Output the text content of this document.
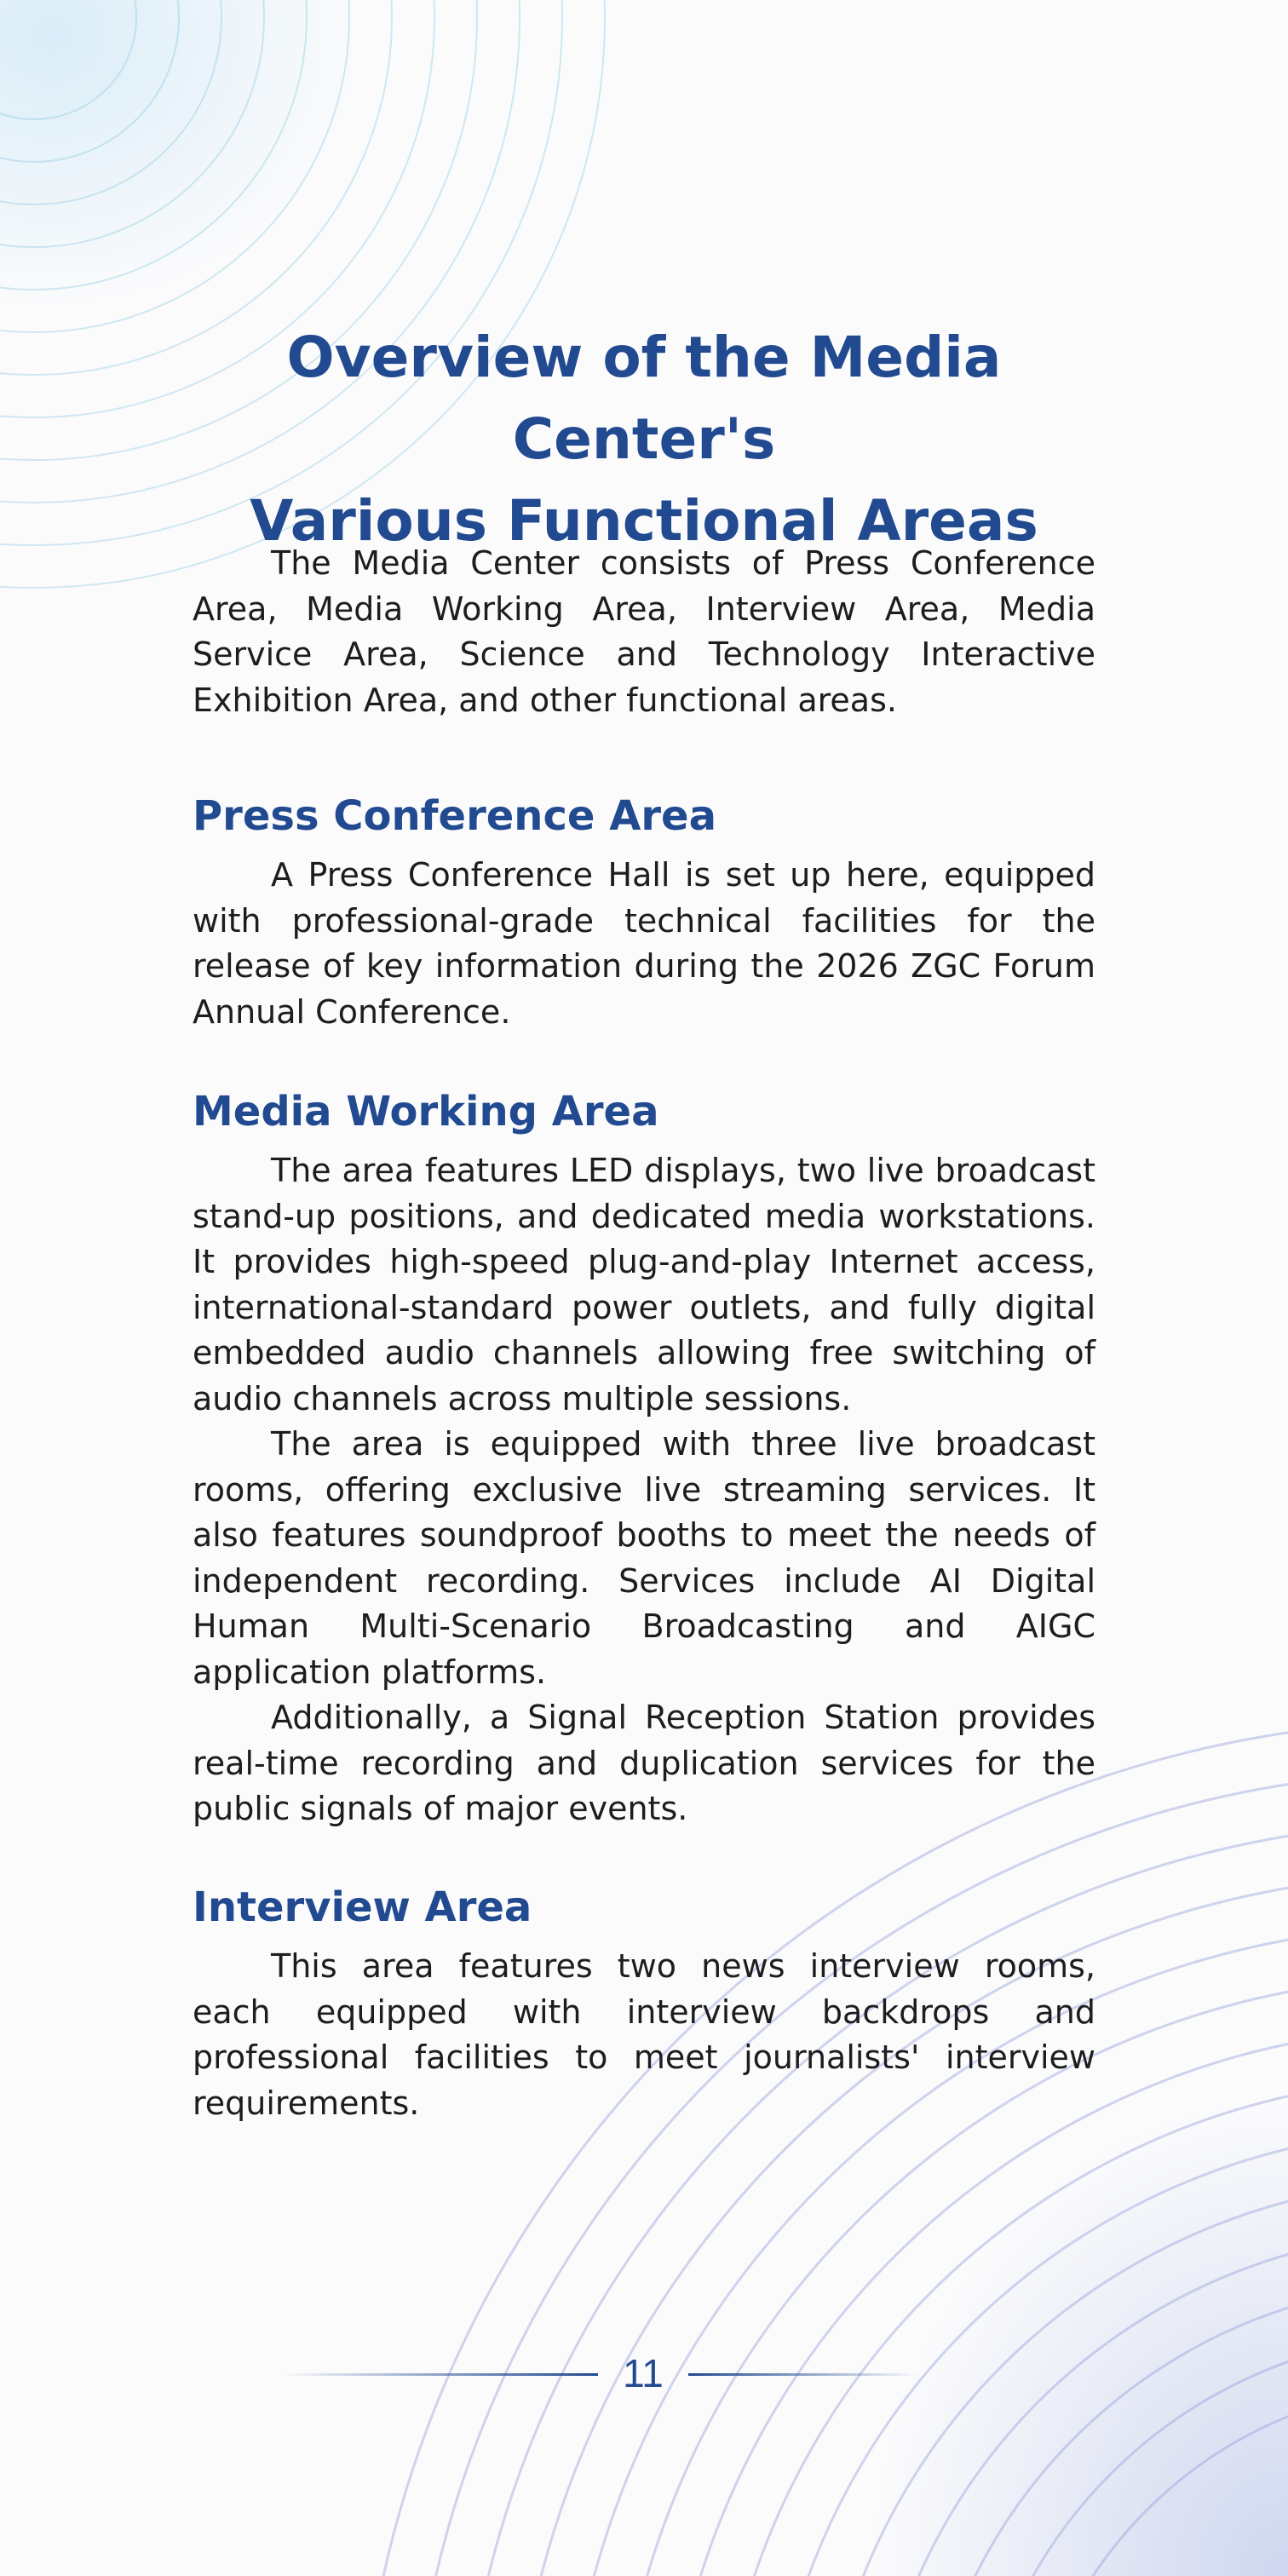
Overview of the Media Center's
Various Functional Areas

The Media Center consists of Press Conference Area, Media Working Area, Interview Area, Media Service Area, Science and Technology Interactive Exhibition Area, and other functional areas.

Press Conference Area

A Press Conference Hall is set up here, equipped with professional-grade technical facilities for the release of key information during the 2026 ZGC Forum Annual Conference.

Media Working Area

The area features LED displays, two live broadcast stand-up positions, and dedicated media workstations. It provides high-speed plug-and-play Internet access, international-standard power outlets, and fully digital embedded audio channels allowing free switching of audio channels across multiple sessions.

The area is equipped with three live broadcast rooms, offering exclusive live streaming services. It also features soundproof booths to meet the needs of independent recording. Services include AI Digital Human Multi-Scenario Broadcasting and AIGC application platforms.

Additionally, a Signal Reception Station provides real-time recording and duplication services for the public signals of major events.

Interview Area

This area features two news interview rooms, each equipped with interview backdrops and professional facilities to meet journalists' interview requirements.

11
